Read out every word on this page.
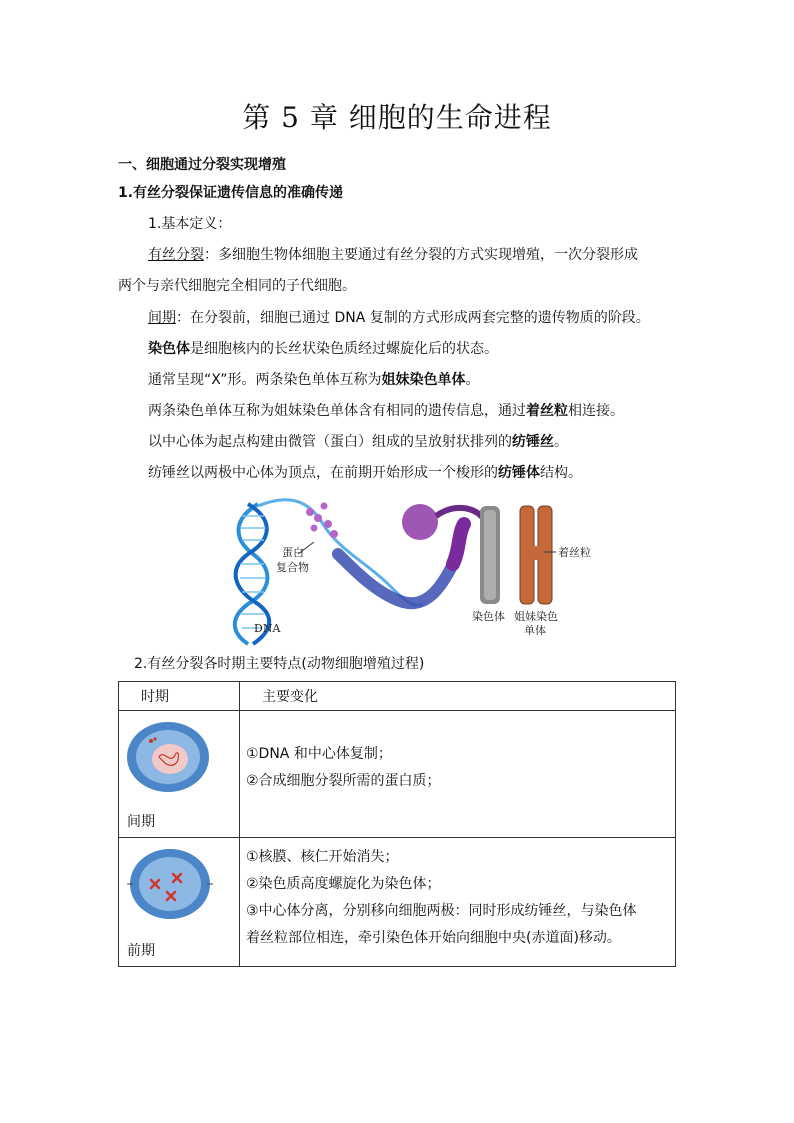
第 5 章 细胞的生命进程
一、细胞通过分裂实现增殖
1.有丝分裂保证遗传信息的准确传递
1.基本定义：
有丝分裂：多细胞生物体细胞主要通过有丝分裂的方式实现增殖，一次分裂形成
两个与亲代细胞完全相同的子代细胞。
间期：在分裂前，细胞已通过 DNA 复制的方式形成两套完整的遗传物质的阶段。
染色体是细胞核内的长丝状染色质经过螺旋化后的状态。
通常呈现“X”形。两条染色单体互称为姐妹染色单体。
两条染色单体互称为姐妹染色单体含有相同的遗传信息，通过着丝粒相连接。
以中心体为起点构建由微管（蛋白）组成的呈放射状排列的纺锤丝。
纺锤丝以两极中心体为顶点，在前期开始形成一个梭形的纺锤体结构。
DNA
蛋白
复合物
着丝粒
染色体 姐妹染色
单体
2.有丝分裂各时期主要特点(动物细胞增殖过程)
时期	主要变化

间期	①DNA 和中心体复制；
②合成细胞分裂所需的蛋白质；

前期	①核膜、核仁开始消失；
②染色质高度螺旋化为染色体；
③中心体分离，分别移向细胞两极：同时形成纺锤丝，与染色体
着丝粒部位相连，牵引染色体开始向细胞中央(赤道面)移动。
